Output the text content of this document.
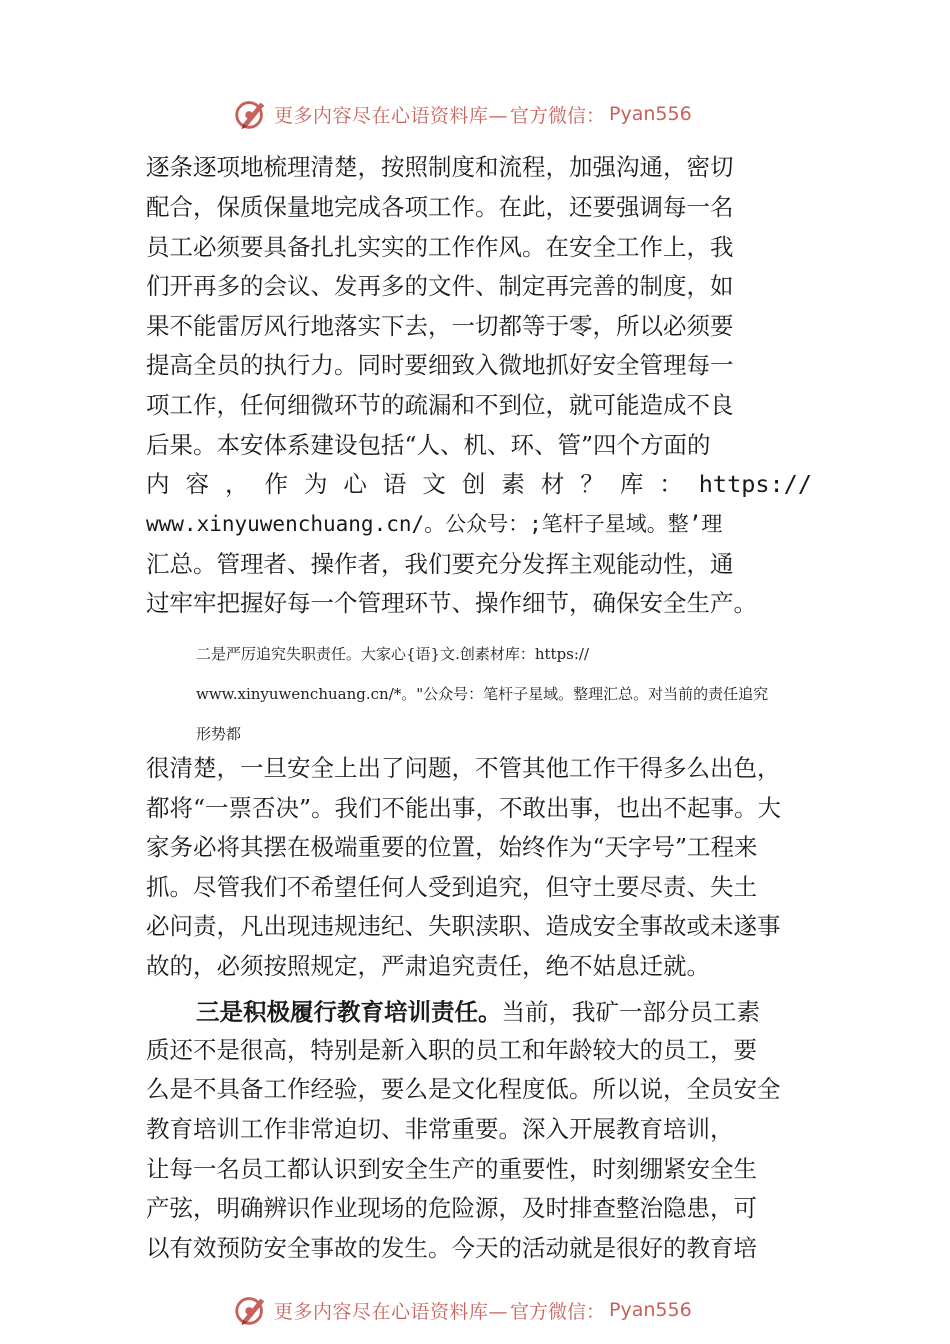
更多内容尽在心语资料库— 官方微信： Pyan556
逐条逐项地梳理清楚，按照制度和流程，加强沟通，密切
配合，保质保量地完成各项工作。在此，还要强调每一名
员工必须要具备扎扎实实的工作作风。在安全工作上，我
们开再多的会议、发再多的文件、制定再完善的制度，如
果不能雷厉风行地落实下去，一切都等于零，所以必须要
提高全员的执行力。同时要细致入微地抓好安全管理每一
项工作，任何细微环节的疏漏和不到位，就可能造成不良
后果。本安体系建设包括“人、机、环、管”四个方面的
内 容 ， 作 为 心 语 文 创 素 材 ？ 库 ： https://
www.xinyuwenchuang.cn/。公众号：;笔杆子星域。整’理
汇总。管理者、操作者，我们要充分发挥主观能动性，通
过牢牢把握好每一个管理环节、操作细节，确保安全生产。
二是严厉追究失职责任。大家心{语}文.创素材库：https://
www.xinyuwenchuang.cn/*。"公众号：笔杆子星域。整理汇总。对当前的责任追究
形势都
很清楚，一旦安全上出了问题，不管其他工作干得多么出色，
都将“一票否决”。我们不能出事，不敢出事，也出不起事。大
家务必将其摆在极端重要的位置，始终作为“天字号”工程来
抓。尽管我们不希望任何人受到追究，但守土要尽责、失土
必问责，凡出现违规违纪、失职渎职、造成安全事故或未遂事
故的，必须按照规定，严肃追究责任，绝不姑息迁就。
三是积极履行教育培训责任。当前，我矿一部分员工素
质还不是很高，特别是新入职的员工和年龄较大的员工，要
么是不具备工作经验，要么是文化程度低。所以说，全员安全
教育培训工作非常迫切、非常重要。深入开展教育培训，
让每一名员工都认识到安全生产的重要性，时刻绷紧安全生
产弦，明确辨识作业现场的危险源，及时排查整治隐患，可
以有效预防安全事故的发生。今天的活动就是很好的教育培
更多内容尽在心语资料库— 官方微信： Pyan556
